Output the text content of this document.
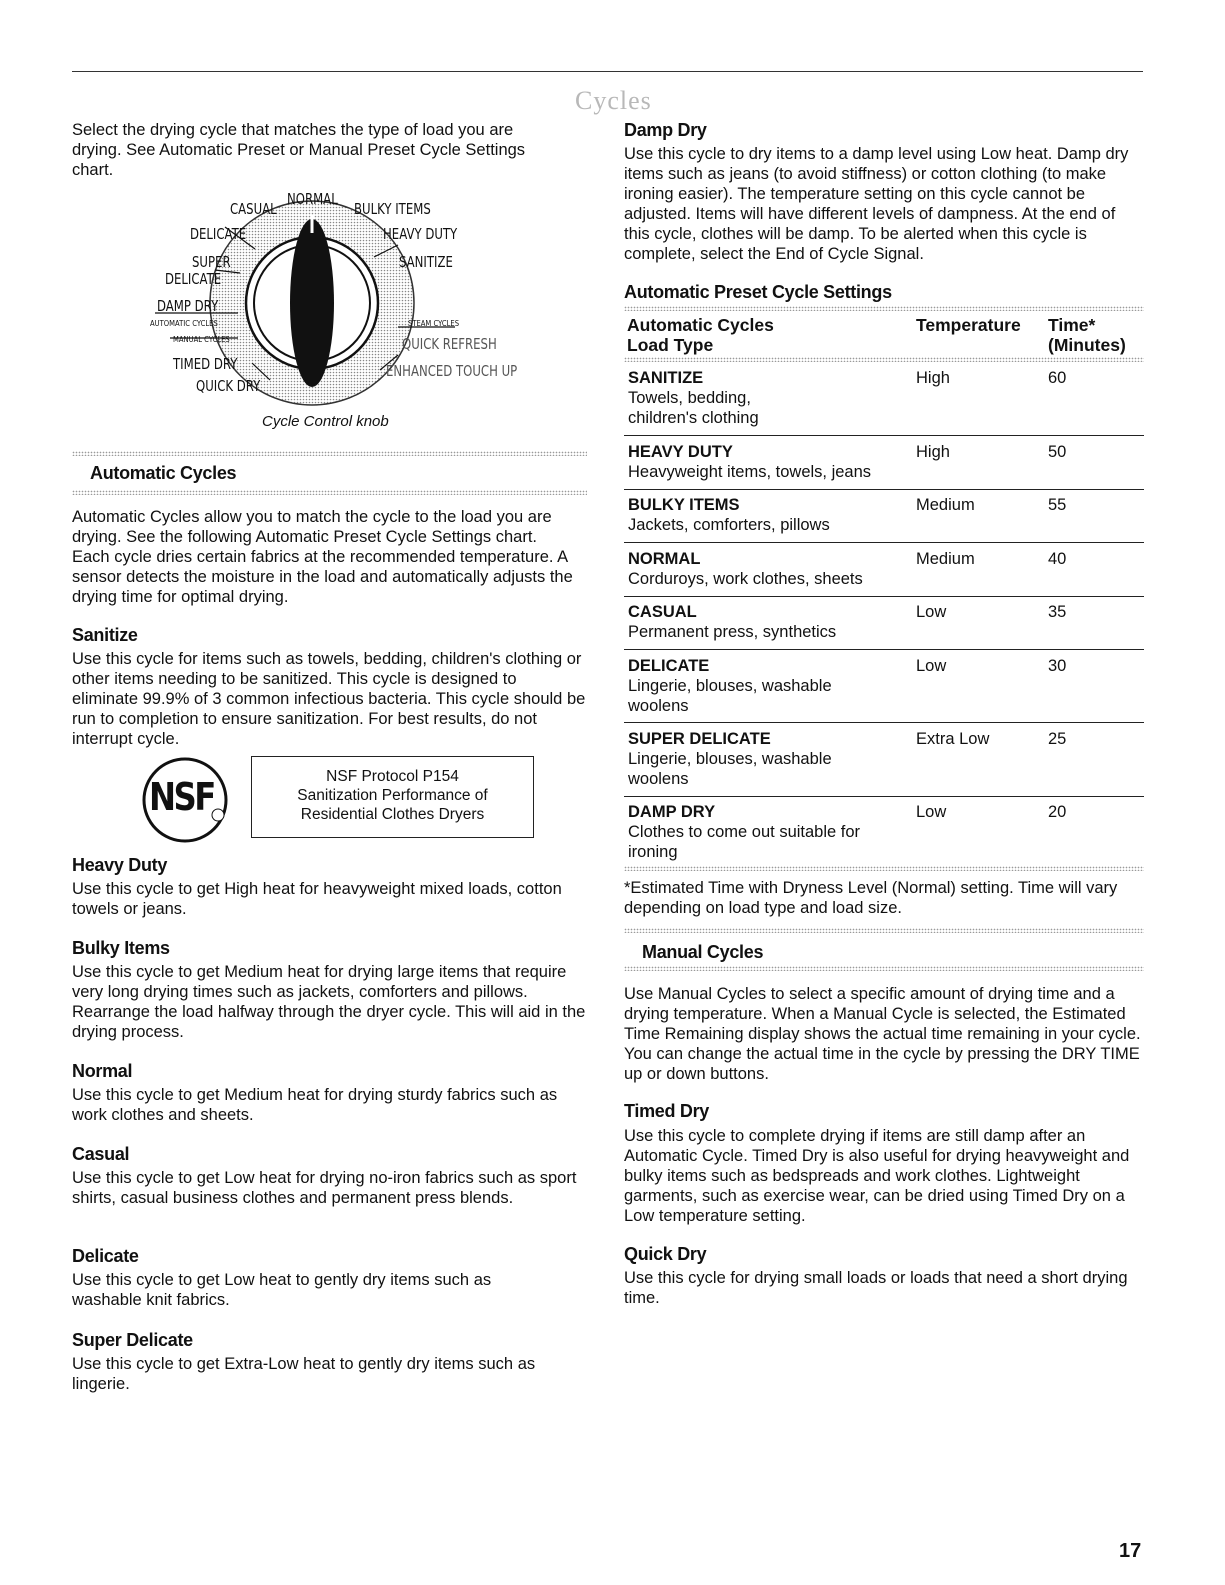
Cycles
Select the drying cycle that matches the type of load you are drying. See Automatic Preset or Manual Preset Cycle Settings chart.
CASUAL
NORMAL
BULKY ITEMS
DELICATE	HEAVY DUTY
SUPER	SANITIZE
DELICATE
DAMP DRY
AUTOMATIC CYCLES
MANUAL CYCLES
STEAM CYCLES
QUICK REFRESH
TIMED DRY	ENHANCED TOUCH UP
QUICK DRY
Cycle Control knob
Automatic Cycles
Automatic Cycles allow you to match the cycle to the load you are drying. See the following Automatic Preset Cycle Settings chart. Each cycle dries certain fabrics at the recommended temperature. A sensor detects the moisture in the load and automatically adjusts the drying time for optimal drying.
Sanitize
Use this cycle for items such as towels, bedding, children's clothing or other items needing to be sanitized. This cycle is designed to eliminate 99.9% of 3 common infectious bacteria. This cycle should be run to completion to ensure sanitization. For best results, do not interrupt cycle.
NSF	NSF Protocol P154
Sanitization Performance of
Residential Clothes Dryers
Heavy Duty
Use this cycle to get High heat for heavyweight mixed loads, cotton towels or jeans.
Bulky Items
Use this cycle to get Medium heat for drying large items that require very long drying times such as jackets, comforters and pillows. Rearrange the load halfway through the dryer cycle. This will aid in the drying process.
Normal
Use this cycle to get Medium heat for drying sturdy fabrics such as work clothes and sheets.
Casual
Use this cycle to get Low heat for drying no-iron fabrics such as sport shirts, casual business clothes and permanent press blends.
Delicate
Use this cycle to get Low heat to gently dry items such as washable knit fabrics.
Super Delicate
Use this cycle to get Extra-Low heat to gently dry items such as lingerie.
Damp Dry
Use this cycle to dry items to a damp level using Low heat. Damp dry items such as jeans (to avoid stiffness) or cotton clothing (to make ironing easier). The temperature setting on this cycle cannot be adjusted. Items will have different levels of dampness. At the end of this cycle, clothes will be damp. To be alerted when this cycle is complete, select the End of Cycle Signal.
Automatic Preset Cycle Settings
Automatic Cycles
Load Type
Temperature Time*
(Minutes)
SANITIZE
Towels, bedding, children's clothing
High	60
HEAVY DUTY
Heavyweight items, towels, jeans
High	50
BULKY ITEMS
Jackets, comforters, pillows
Medium	55
NORMAL
Corduroys, work clothes, sheets
Medium	40
CASUAL
Permanent press, synthetics
Low	35
DELICATE
Lingerie, blouses, washable woolens
Low	30
SUPER DELICATE
Lingerie, blouses, washable woolens
Extra Low	25
DAMP DRY
Clothes to come out suitable for ironing
Low	20
*Estimated Time with Dryness Level (Normal) setting. Time will vary depending on load type and load size.
Manual Cycles
Use Manual Cycles to select a specific amount of drying time and a drying temperature. When a Manual Cycle is selected, the Estimated Time Remaining display shows the actual time remaining in your cycle. You can change the actual time in the cycle by pressing the DRY TIME up or down buttons.
Timed Dry
Use this cycle to complete drying if items are still damp after an Automatic Cycle. Timed Dry is also useful for drying heavyweight and bulky items such as bedspreads and work clothes. Lightweight garments, such as exercise wear, can be dried using Timed Dry on a Low temperature setting.
Quick Dry
Use this cycle for drying small loads or loads that need a short drying time.
17
